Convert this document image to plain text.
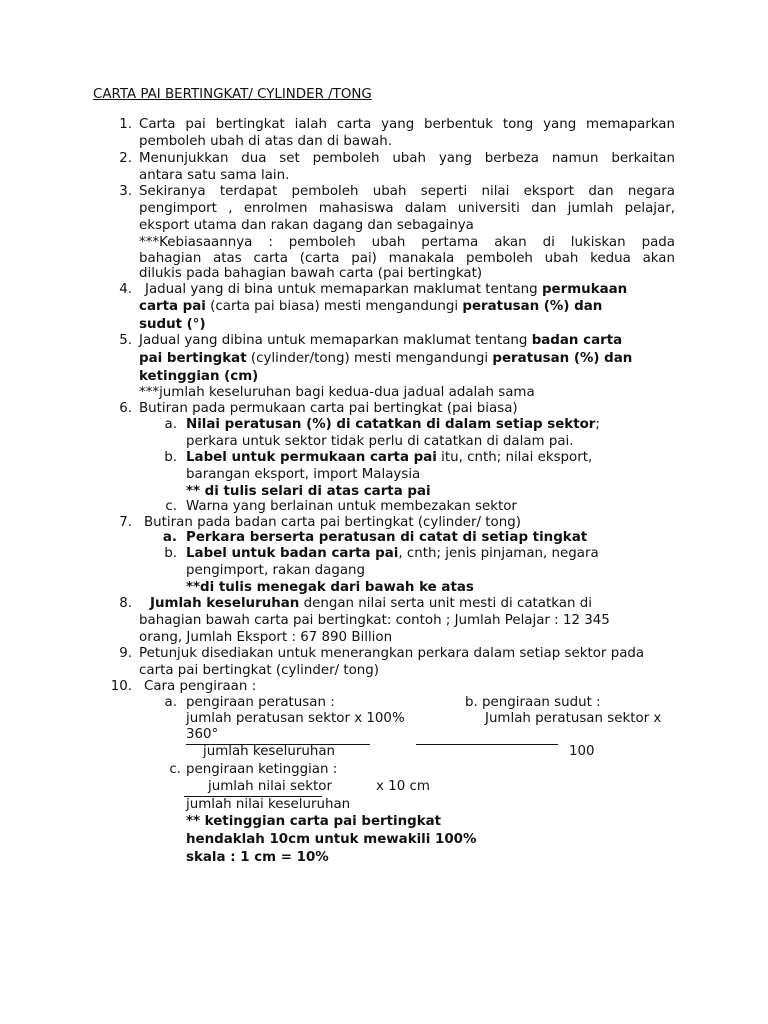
CARTA PAI BERTINGKAT/ CYLINDER /TONG
1. Carta pai bertingkat ialah carta yang berbentuk tong yang memaparkan
pemboleh ubah di atas dan di bawah.
2. Menunjukkan dua set pemboleh ubah yang berbeza namun berkaitan
antara satu sama lain.
3. Sekiranya terdapat pemboleh ubah seperti nilai eksport dan negara
pengimport , enrolmen mahasiswa dalam universiti dan jumlah pelajar,
eksport utama dan rakan dagang dan sebagainya
***Kebiasaannya : pemboleh ubah pertama akan di lukiskan pada
bahagian atas carta (carta pai) manakala pemboleh ubah kedua akan
dilukis pada bahagian bawah carta (pai bertingkat)
4. Jadual yang di bina untuk memaparkan maklumat tentang permukaan
carta pai (carta pai biasa) mesti mengandungi peratusan (%) dan
sudut (°)
5. Jadual yang dibina untuk memaparkan maklumat tentang badan carta
pai bertingkat (cylinder/tong) mesti mengandungi peratusan (%) dan
ketinggian (cm)
***jumlah keseluruhan bagi kedua-dua jadual adalah sama
6. Butiran pada permukaan carta pai bertingkat (pai biasa)
a. Nilai peratusan (%) di catatkan di dalam setiap sektor;
perkara untuk sektor tidak perlu di catatkan di dalam pai.
b. Label untuk permukaan carta pai itu, cnth; nilai eksport,
barangan eksport, import Malaysia
** di tulis selari di atas carta pai
c. Warna yang berlainan untuk membezakan sektor
7. Butiran pada badan carta pai bertingkat (cylinder/ tong)
a. Perkara berserta peratusan di catat di setiap tingkat
b. Label untuk badan carta pai, cnth; jenis pinjaman, negara
pengimport, rakan dagang
**di tulis menegak dari bawah ke atas
8. Jumlah keseluruhan dengan nilai serta unit mesti di catatkan di
bahagian bawah carta pai bertingkat: contoh ; Jumlah Pelajar : 12 345
orang, Jumlah Eksport : 67 890 Billion
9. Petunjuk disediakan untuk menerangkan perkara dalam setiap sektor pada
carta pai bertingkat (cylinder/ tong)
10. Cara pengiraan :
a. pengiraan peratusan :
jumlah peratusan sektor x 100%
jumlah keseluruhan
b. pengiraan sudut :
Jumlah peratusan sektor x
360°
100
c. pengiraan ketinggian :
jumlah nilai sektor	x 10 cm
jumlah nilai keseluruhan
** ketinggian carta pai bertingkat
hendaklah 10cm untuk mewakili 100%
skala : 1 cm = 10%
